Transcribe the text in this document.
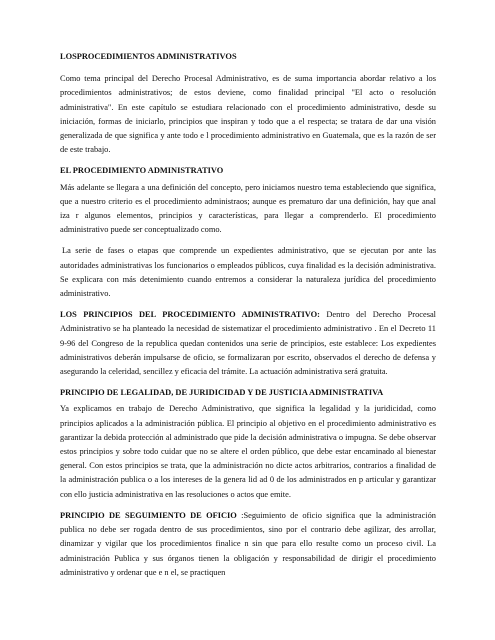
LOSPROCEDIMIENTOS ADMINISTRATIVOS

Como tema principal del Derecho Procesal Administrativo, es de suma importancia abordar relativo a los procedimientos administrativos; de estos deviene, como finalidad principal "El acto o resolución administrativa". En este capítulo se estudiara relacionado con el procedimiento administrativo, desde su iniciación, formas de iniciarlo, principios que inspiran y todo que a el respecta; se tratara de dar una visión generalizada de que significa y ante todo e l procedimiento administrativo en Guatemala, que es la razón de ser de este trabajo.

EL PROCEDIMIENTO ADMINISTRATIVO

Más adelante se llegara a una definición del concepto, pero iniciamos nuestro tema estableciendo que significa, que a nuestro criterio es el procedimiento administraos; aunque es prematuro dar una definición, hay que anal iza r algunos elementos, principios y características, para llegar a comprenderlo. El procedimiento administrativo puede ser conceptualizado como.

La serie de fases o etapas que comprende un expedientes administrativo, que se ejecutan por ante las autoridades administrativas los funcionarios o empleados públicos, cuya finalidad es la decisión administrativa. Se explicara con más detenimiento cuando entremos a considerar la naturaleza jurídica del procedimiento administrativo.

LOS PRINCIPIOS DEL PROCEDIMIENTO ADMINISTRATIVO: Dentro del Derecho Procesal Administrativo se ha planteado la necesidad de sistematizar el procedimiento administrativo . En el Decreto 11 9-96 del Congreso de la republica quedan contenidos una serie de principios, este establece: Los expedientes administrativos deberán impulsarse de oficio, se formalizaran por escrito, observados el derecho de defensa y asegurando la celeridad, sencillez y eficacia del trámite. La actuación administrativa será gratuita.

PRINCIPIO DE LEGALIDAD, DE JURIDICIDAD Y DE JUSTICIA ADMINISTRATIVA

Ya explicamos en trabajo de Derecho Administrativo, que significa la legalidad y la juridicidad, como principios aplicados a la administración pública. El principio al objetivo en el procedimiento administrativo es garantizar la debida protección al administrado que pide la decisión administrativa o impugna. Se debe observar estos principios y sobre todo cuidar que no se altere el orden público, que debe estar encaminado al bienestar general. Con estos principios se trata, que la administración no dicte actos arbitrarios, contrarios a finalidad de la administración publica o a los intereses de la genera lid ad 0 de los administrados en p articular y garantizar con ello justicia administrativa en las resoluciones o actos que emite.

PRINCIPIO DE SEGUIMIENTO DE OFICIO :Seguimiento de oficio significa que la administración publica no debe ser rogada dentro de sus procedimientos, sino por el contrario debe agilizar, des arrollar, dinamizar y vigilar que los procedimientos finalice n sin que para ello resulte como un proceso civil. La administración Publica y sus órganos tienen la obligación y responsabilidad de dirigir el procedimiento administrativo y ordenar que e n el, se practiquen
